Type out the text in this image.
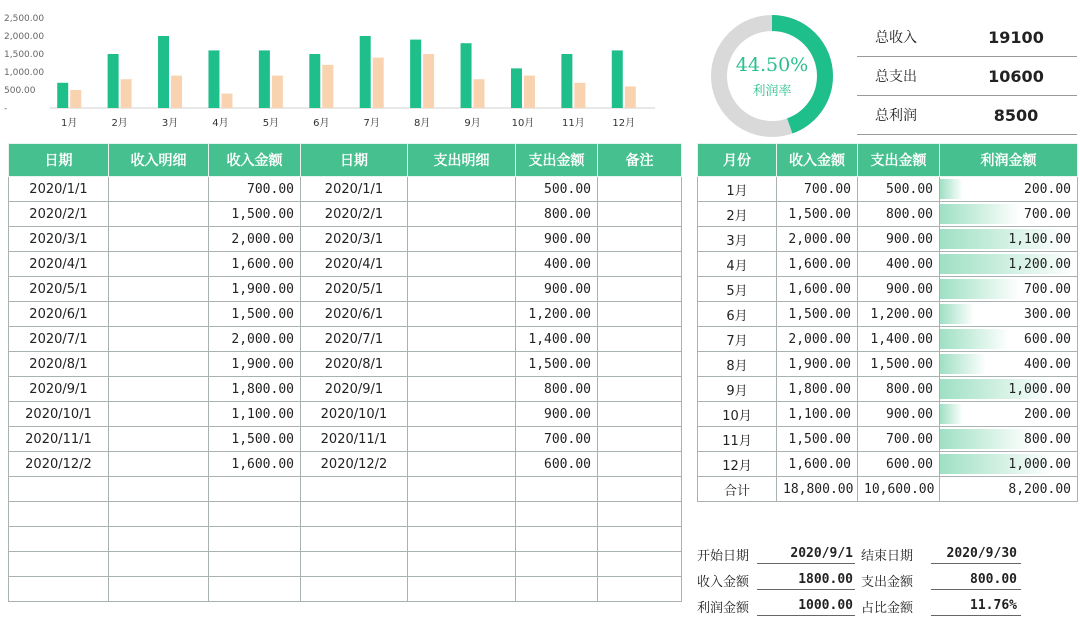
2,500.00
2,000.00
1,500.00
1,000.00
500.00
-
1月	2月	3月	4月	5月	6月	7月	8月	9月	10月	11月	12月
44.50%
利润率
总收入	19100
总支出	10600
总利润	8500
日期	收入明细	收入金额	日期	支出明细	支出金额	备注
2020/1/1		700.00	2020/1/1		500.00	
2020/2/1		1,500.00	2020/2/1		800.00	
2020/3/1		2,000.00	2020/3/1		900.00	
2020/4/1		1,600.00	2020/4/1		400.00	
2020/5/1		1,900.00	2020/5/1		900.00	
2020/6/1		1,500.00	2020/6/1		1,200.00	
2020/7/1		2,000.00	2020/7/1		1,400.00	
2020/8/1		1,900.00	2020/8/1		1,500.00	
2020/9/1		1,800.00	2020/9/1		800.00	
2020/10/1		1,100.00	2020/10/1		900.00	
2020/11/1		1,500.00	2020/11/1		700.00	
2020/12/2		1,600.00	2020/12/2		600.00	

月份	收入金额	支出金额	利润金额
1月	700.00	500.00	200.00
2月	1,500.00	800.00	700.00
3月	2,000.00	900.00	1,100.00
4月	1,600.00	400.00	1,200.00
5月	1,600.00	900.00	700.00
6月	1,500.00	1,200.00	300.00
7月	2,000.00	1,400.00	600.00
8月	1,900.00	1,500.00	400.00
9月	1,800.00	800.00	1,000.00
10月	1,100.00	900.00	200.00
11月	1,500.00	700.00	800.00
12月	1,600.00	600.00	1,000.00
合计	18,800.00	10,600.00	8,200.00
开始日期	2020/9/1 结束日期	2020/9/30
收入金额	1800.00 支出金额	800.00
利润金额	1000.00 占比金额	11.76%
